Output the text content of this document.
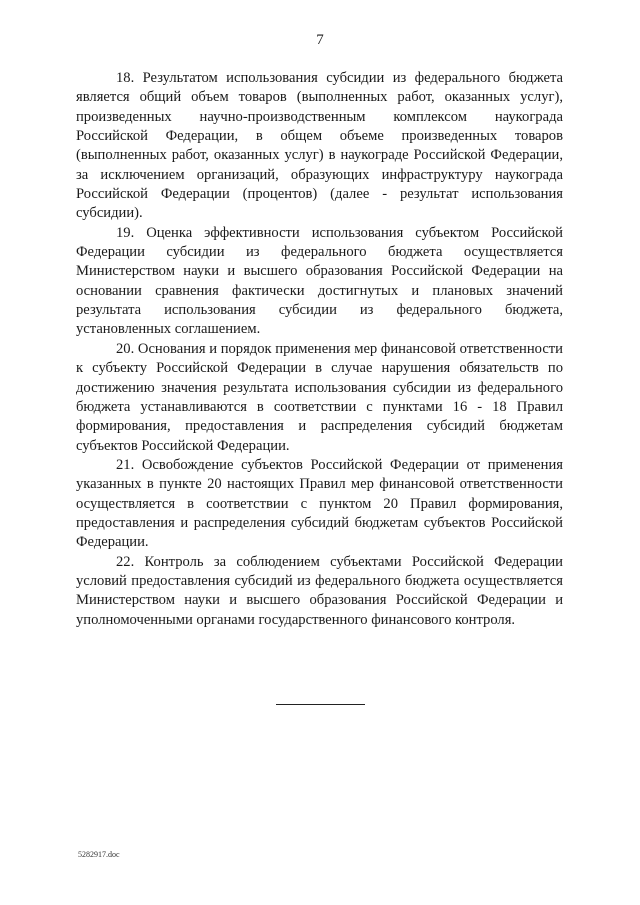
7

18. Результатом использования субсидии из федерального бюджета является общий объем товаров (выполненных работ, оказанных услуг), произведенных научно-производственным комплексом наукограда Российской Федерации, в общем объеме произведенных товаров (выполненных работ, оказанных услуг) в наукограде Российской Федерации, за исключением организаций, образующих инфраструктуру наукограда Российской Федерации (процентов) (далее - результат использования субсидии).

19. Оценка эффективности использования субъектом Российской Федерации субсидии из федерального бюджета осуществляется Министерством науки и высшего образования Российской Федерации на основании сравнения фактически достигнутых и плановых значений результата использования субсидии из федерального бюджета, установленных соглашением.

20. Основания и порядок применения мер финансовой ответственности к субъекту Российской Федерации в случае нарушения обязательств по достижению значения результата использования субсидии из федерального бюджета устанавливаются в соответствии с пунктами 16 - 18 Правил формирования, предоставления и распределения субсидий бюджетам субъектов Российской Федерации.

21. Освобождение субъектов Российской Федерации от применения указанных в пункте 20 настоящих Правил мер финансовой ответственности осуществляется в соответствии с пунктом 20 Правил формирования, предоставления и распределения субсидий бюджетам субъектов Российской Федерации.

22. Контроль за соблюдением субъектами Российской Федерации условий предоставления субсидий из федерального бюджета осуществляется Министерством науки и высшего образования Российской Федерации и уполномоченными органами государственного финансового контроля.

5282917.doc
